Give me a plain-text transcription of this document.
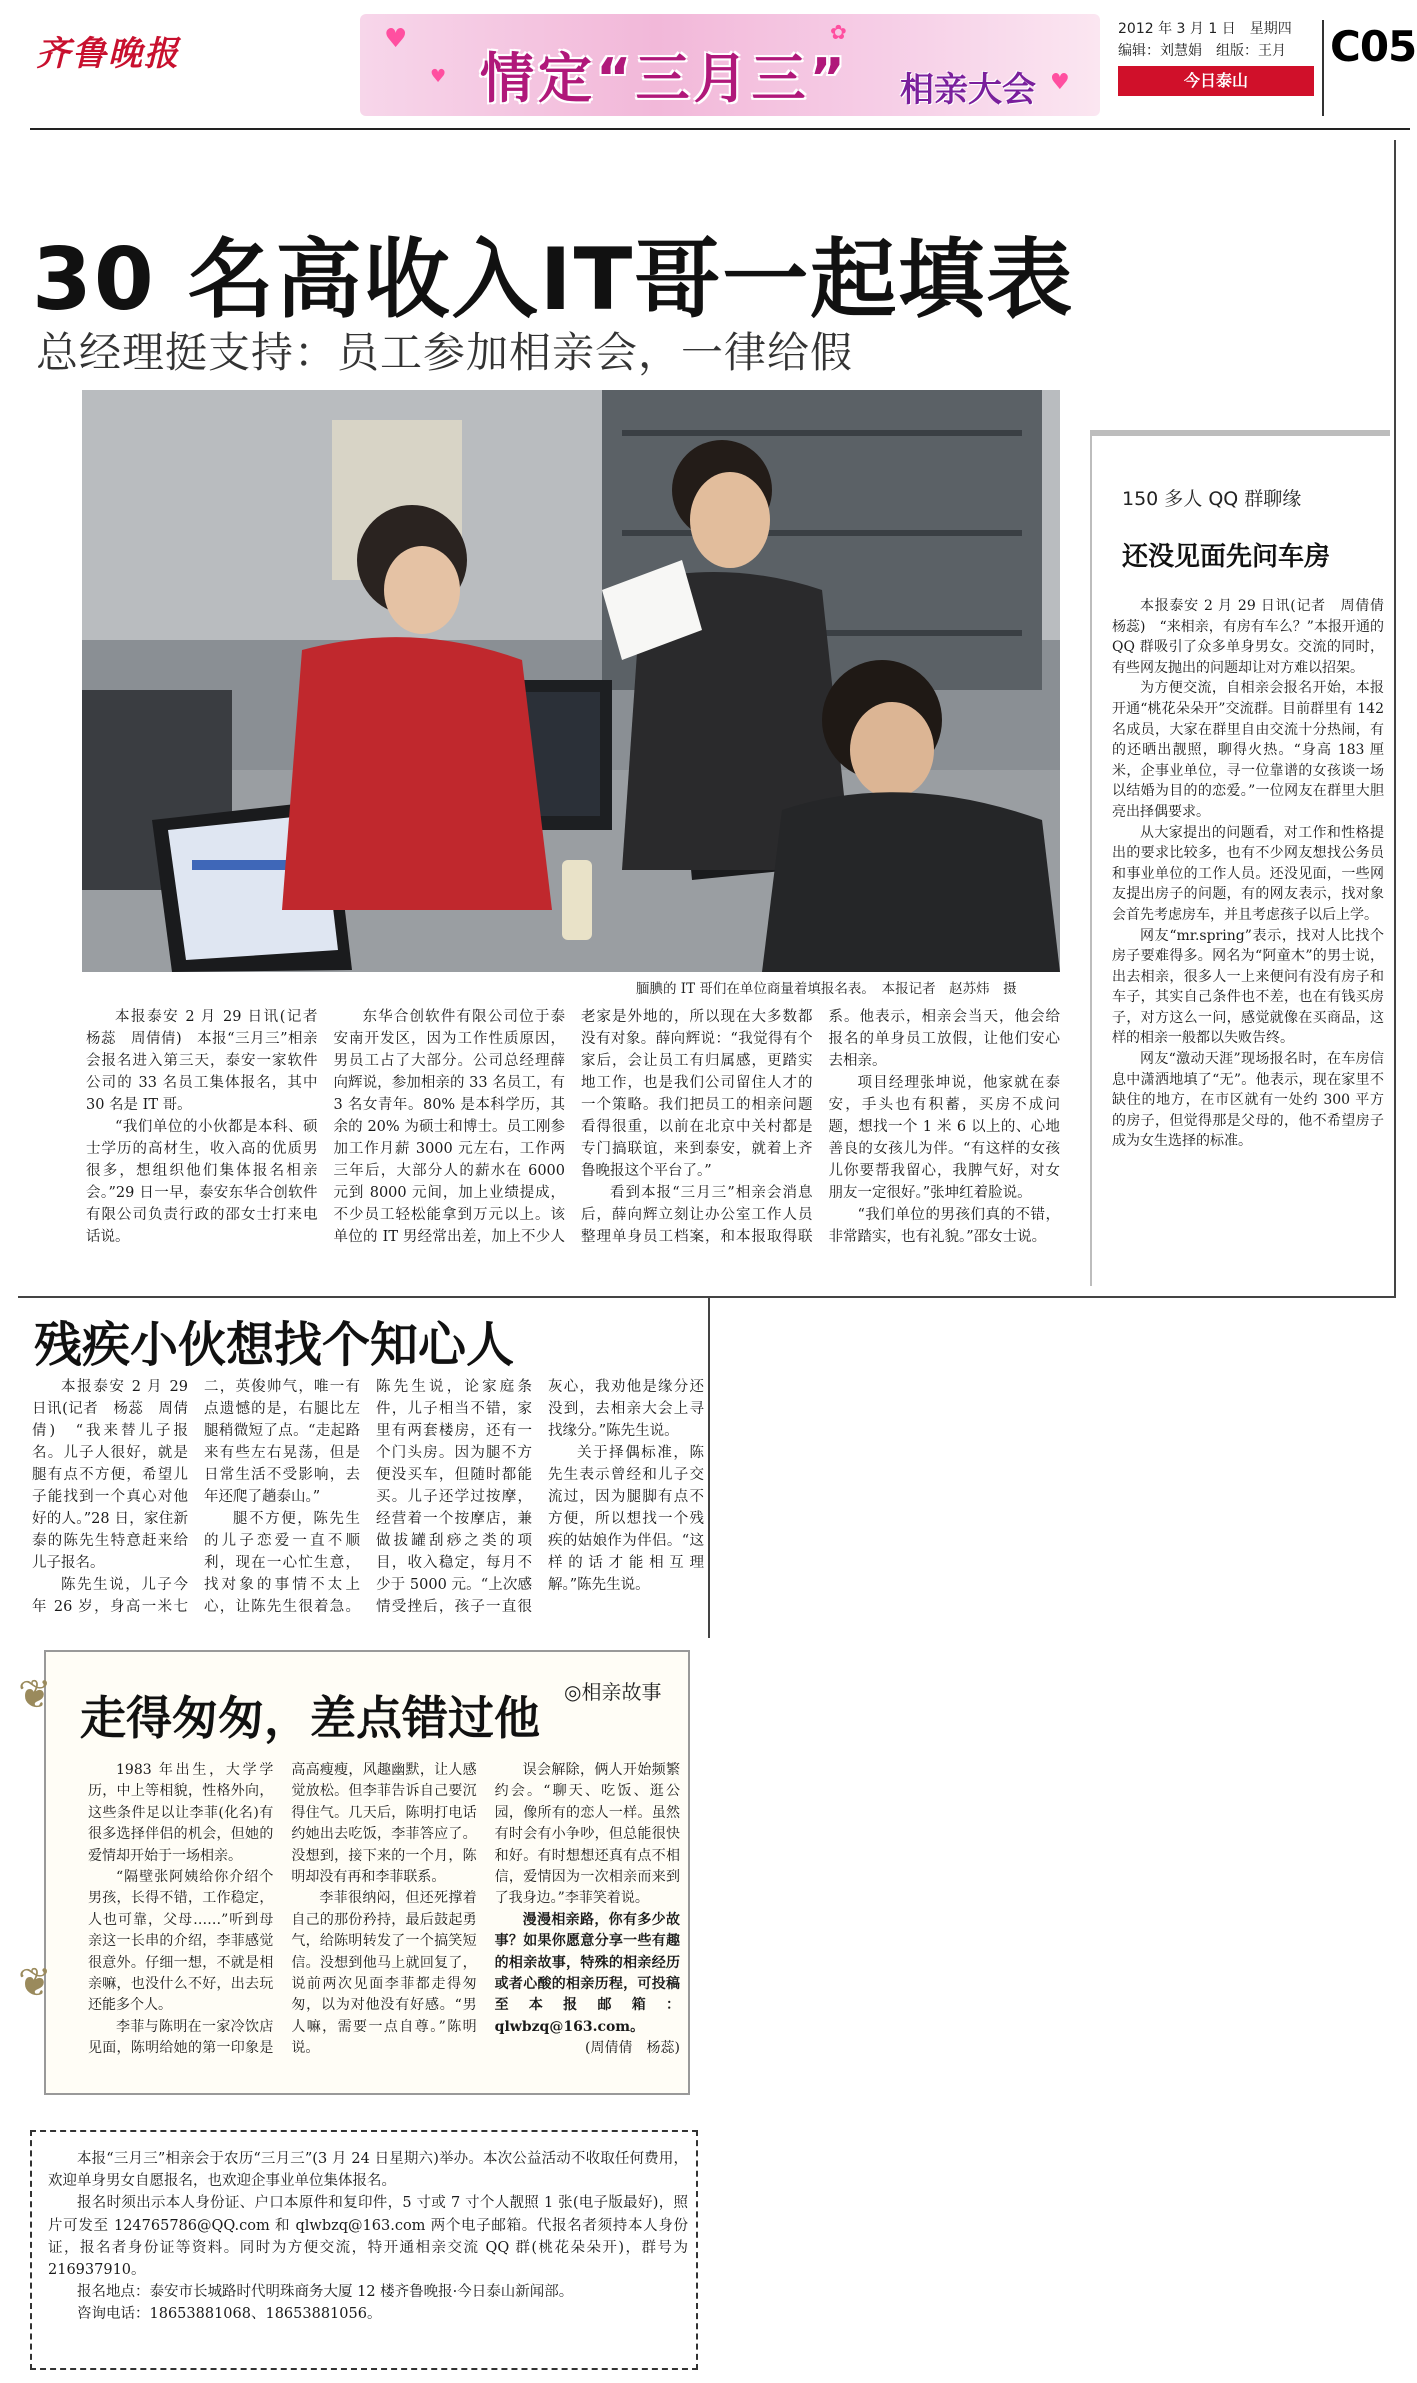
齐鲁晚报	♥
♥
✿
♥
情定“三月三” 相亲大会
2012 年 3 月 1 日　星期四
编辑：刘慧娟　组版：王月
今日泰山
C05
30 名高收入IT哥一起填表
总经理挺支持：员工参加相亲会，一律给假
腼腆的 IT 哥们在单位商量着填报名表。　本报记者　赵苏炜　摄

本报泰安 2 月 29 日讯(记者　杨蕊　周倩倩)　本报“三月三”相亲会报名进入第三天，泰安一家软件公司的 33 名员工集体报名，其中 30 名是 IT 哥。

“我们单位的小伙都是本科、硕士学历的高材生，收入高的优质男很多，想组织他们集体报名相亲会。”29 日一早，泰安东华合创软件有限公司负责行政的邵女士打来电话说。

东华合创软件有限公司位于泰安南开发区，因为工作性质原因，男员工占了大部分。公司总经理薛向辉说，参加相亲的 33 名员工，有 3 名女青年。80% 是本科学历，其余的 20% 为硕士和博士。员工刚参加工作月薪 3000 元左右，工作两三年后，大部分人的薪水在 6000 元到 8000 元间，加上业绩提成，不少员工轻松能拿到万元以上。该单位的 IT 男经常出差，加上不少人老家是外地的，所以现在大多数都没有对象。薛向辉说：“我觉得有个家后，会让员工有归属感，更踏实地工作，也是我们公司留住人才的一个策略。我们把员工的相亲问题看得很重，以前在北京中关村都是专门搞联谊，来到泰安，就着上齐鲁晚报这个平台了。”

看到本报“三月三”相亲会消息后，薛向辉立刻让办公室工作人员整理单身员工档案，和本报取得联系。他表示，相亲会当天，他会给报名的单身员工放假，让他们安心去相亲。

项目经理张坤说，他家就在泰安，手头也有积蓄，买房不成问题，想找一个 1 米 6 以上的、心地善良的女孩儿为伴。“有这样的女孩儿你要帮我留心，我脾气好，对女朋友一定很好。”张坤红着脸说。

“我们单位的男孩们真的不错，非常踏实，也有礼貌。”邵女士说。

150 多人 QQ 群聊缘
还没见面先问车房

本报泰安 2 月 29 日讯(记者　周倩倩　杨蕊)　“来相亲，有房有车么？”本报开通的 QQ 群吸引了众多单身男女。交流的同时，有些网友抛出的问题却让对方难以招架。

为方便交流，自相亲会报名开始，本报开通“桃花朵朵开”交流群。目前群里有 142 名成员，大家在群里自由交流十分热闹，有的还晒出靓照，聊得火热。“身高 183 厘米，企事业单位，寻一位靠谱的女孩谈一场以结婚为目的的恋爱。”一位网友在群里大胆亮出择偶要求。

从大家提出的问题看，对工作和性格提出的要求比较多，也有不少网友想找公务员和事业单位的工作人员。还没见面，一些网友提出房子的问题，有的网友表示，找对象会首先考虑房车，并且考虑孩子以后上学。

网友“mr.spring”表示，找对人比找个房子要难得多。网名为“阿童木”的男士说，出去相亲，很多人一上来便问有没有房子和车子，其实自己条件也不差，也在有钱买房子，对方这么一问，感觉就像在买商品，这样的相亲一般都以失败告终。

网友“激动天涯”现场报名时，在车房信息中潇洒地填了“无”。他表示，现在家里不缺住的地方，在市区就有一处约 300 平方的房子，但觉得那是父母的，他不希望房子成为女生选择的标准。

残疾小伙想找个知心人

本报泰安 2 月 29 日讯(记者　杨蕊　周倩倩)　“我来替儿子报名。儿子人很好，就是腿有点不方便，希望儿子能找到一个真心对他好的人。”28 日，家住新泰的陈先生特意赶来给儿子报名。

陈先生说，儿子今年 26 岁，身高一米七二，英俊帅气，唯一有点遗憾的是，右腿比左腿稍微短了点。“走起路来有些左右晃荡，但是日常生活不受影响，去年还爬了趟泰山。”

腿不方便，陈先生的儿子恋爱一直不顺利，现在一心忙生意，找对象的事情不太上心，让陈先生很着急。陈先生说，论家庭条件，儿子相当不错，家里有两套楼房，还有一个门头房。因为腿不方便没买车，但随时都能买。儿子还学过按摩，经营着一个按摩店，兼做拔罐刮痧之类的项目，收入稳定，每月不少于 5000 元。“上次感情受挫后，孩子一直很灰心，我劝他是缘分还没到，去相亲大会上寻找缘分。”陈先生说。

关于择偶标准，陈先生表示曾经和儿子交流过，因为腿脚有点不方便，所以想找一个残疾的姑娘作为伴侣。“这样的话才能相互理解。”陈先生说。

❦
❦
走得匆匆，差点错过他 ◎相亲故事

1983 年出生，大学学历，中上等相貌，性格外向，这些条件足以让李菲(化名)有很多选择伴侣的机会，但她的爱情却开始于一场相亲。

“隔壁张阿姨给你介绍个男孩，长得不错，工作稳定，人也可靠，父母……”听到母亲这一长串的介绍，李菲感觉很意外。仔细一想，不就是相亲嘛，也没什么不好，出去玩还能多个人。

李菲与陈明在一家冷饮店见面，陈明给她的第一印象是高高瘦瘦，风趣幽默，让人感觉放松。但李菲告诉自己要沉得住气。几天后，陈明打电话约她出去吃饭，李菲答应了。没想到，接下来的一个月，陈明却没有再和李菲联系。

李菲很纳闷，但还死撑着自己的那份矜持，最后鼓起勇气，给陈明转发了一个搞笑短信。没想到他马上就回复了，说前两次见面李菲都走得匆匆，以为对他没有好感。“男人嘛，需要一点自尊。”陈明说。

误会解除，俩人开始频繁约会。“聊天、吃饭、逛公园，像所有的恋人一样。虽然有时会有小争吵，但总能很快和好。有时想想还真有点不相信，爱情因为一次相亲而来到了我身边。”李菲笑着说。

漫漫相亲路，你有多少故事？如果你愿意分享一些有趣的相亲故事，特殊的相亲经历或者心酸的相亲历程，可投稿至本报邮箱：qlwbzq@163.com。

(周倩倩　杨蕊)

本报“三月三”相亲会于农历“三月三”(3 月 24 日星期六)举办。本次公益活动不收取任何费用，欢迎单身男女自愿报名，也欢迎企事业单位集体报名。

报名时须出示本人身份证、户口本原件和复印件，5 寸或 7 寸个人靓照 1 张(电子版最好)，照片可发至 124765786@QQ.com 和 qlwbzq@163.com 两个电子邮箱。代报名者须持本人身份证，报名者身份证等资料。同时为方便交流，特开通相亲交流 QQ 群(桃花朵朵开)，群号为 216937910。

报名地点：泰安市长城路时代明珠商务大厦 12 楼齐鲁晚报·今日泰山新闻部。

咨询电话：18653881068、18653881056。
